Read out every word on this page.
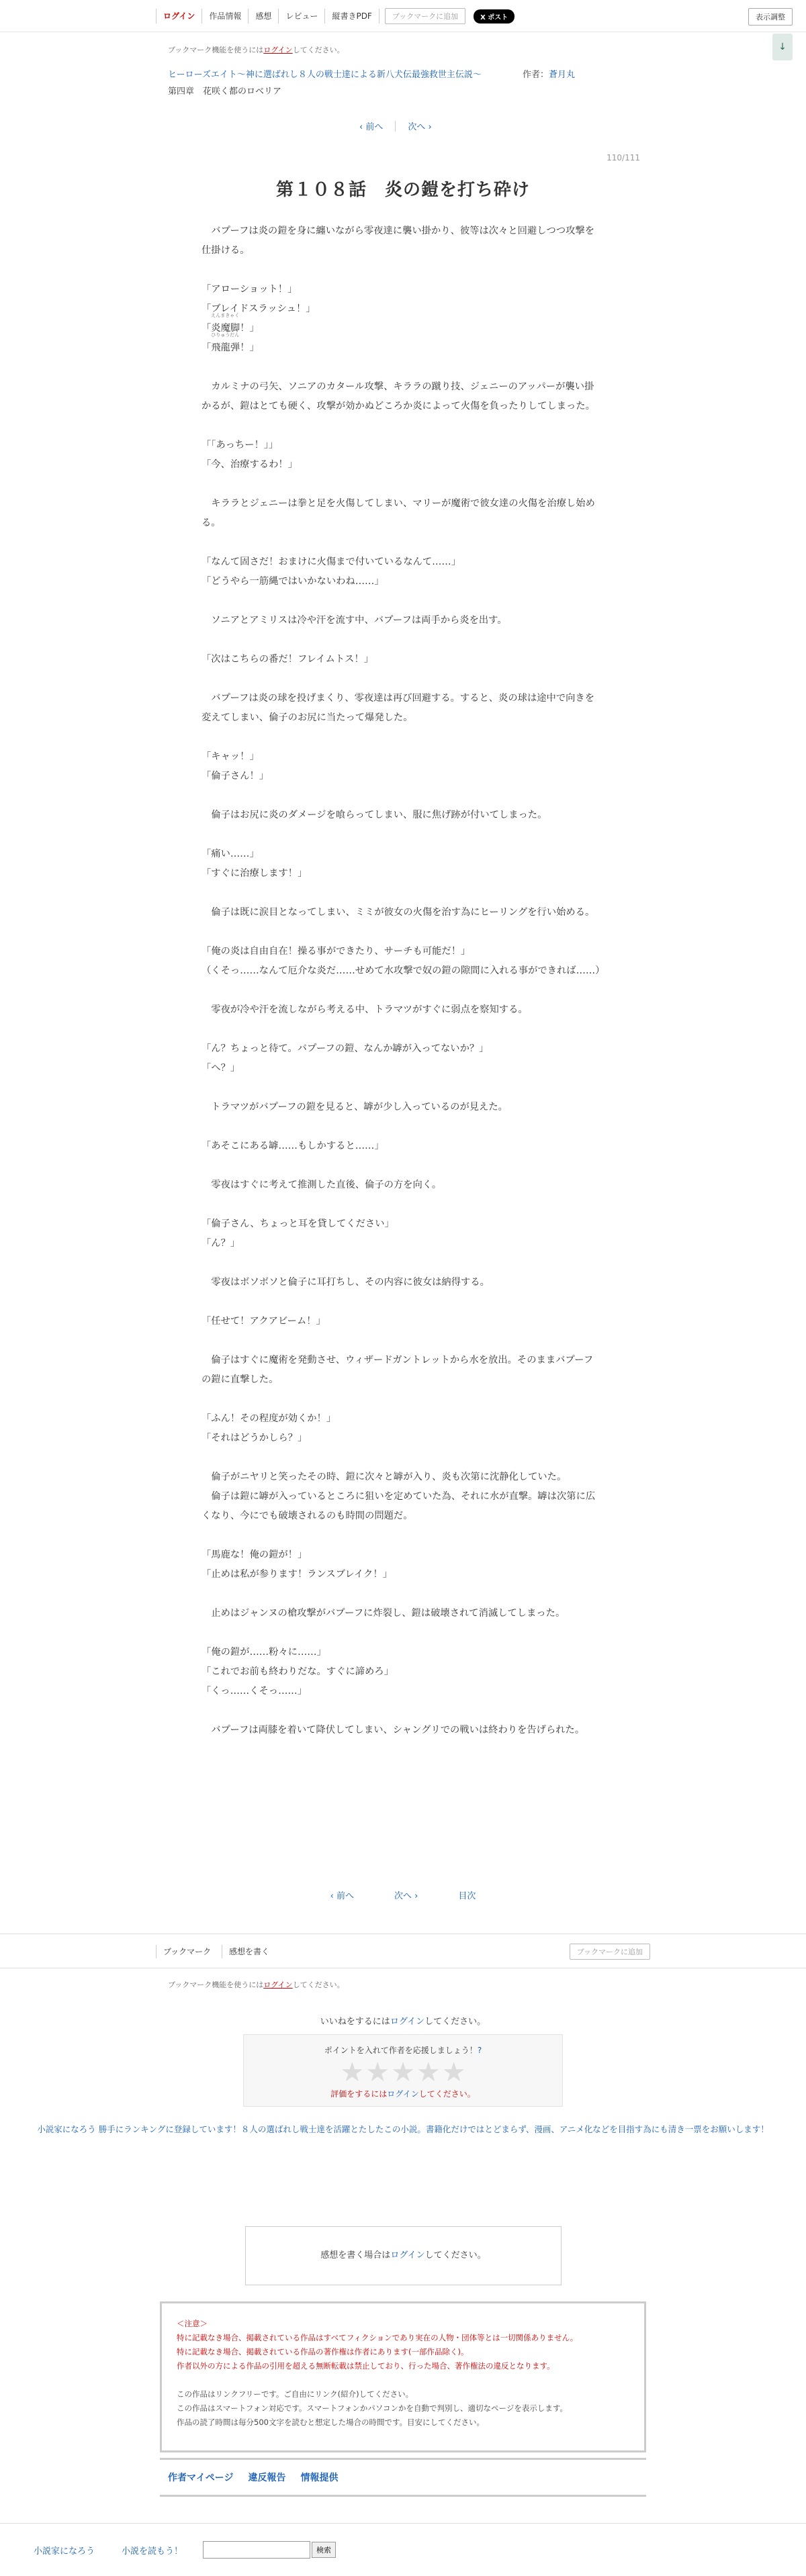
ログイン	作品情報	感想	レビュー	縦書きPDF	ブックマークに追加	X ポスト	表示調整
ブックマーク機能を使うにはログインしてください。	↓
ヒーローズエイト〜神に選ばれし８人の戦士達による新八犬伝最強救世主伝説〜	作者：蒼月丸
第四章　花咲く都のロベリア
‹ 前へ	次へ ›
110/111
第１０８話　炎の鎧を打ち砕け

　バプーフは炎の鎧を身に纏いながら零夜達に襲い掛かり、彼等は次々と回避しつつ攻撃を仕掛ける。

「アローショット！」

「ブレイドスラッシュ！」

「炎魔脚
えんまきゃく
！」

「飛龍弾
ひりゅうだん
！」

　カルミナの弓矢、ソニアのカタール攻撃、キララの蹴り技、ジェニーのアッパーが襲い掛かるが、鎧はとても硬く、攻撃が効かぬどころか炎によって火傷を負ったりしてしまった。

「「あっちー！」」

「今、治療するわ！」

　キララとジェニーは拳と足を火傷してしまい、マリーが魔術で彼女達の火傷を治療し始める。

「なんて固さだ！おまけに火傷まで付いているなんて……」

「どうやら一筋縄ではいかないわね……」

　ソニアとアミリスは冷や汗を流す中、バプーフは両手から炎を出す。

「次はこちらの番だ！フレイムトス！」

　バプーフは炎の球を投げまくり、零夜達は再び回避する。すると、炎の球は途中で向きを変えてしまい、倫子のお尻に当たって爆発した。

「キャッ！」

「倫子さん！」

　倫子はお尻に炎のダメージを喰らってしまい、服に焦げ跡が付いてしまった。

「痛い……」

「すぐに治療します！」

　倫子は既に涙目となってしまい、ミミが彼女の火傷を治す為にヒーリングを行い始める。

「俺の炎は自由自在！操る事ができたり、サーチも可能だ！」

（くそっ……なんて厄介な炎だ……せめて水攻撃で奴の鎧の隙間に入れる事ができれば……）

　零夜が冷や汗を流しながら考える中、トラマツがすぐに弱点を察知する。

「ん？ちょっと待て。バプーフの鎧、なんか罅が入ってないか？」

「へ？」

　トラマツがバプーフの鎧を見ると、罅が少し入っているのが見えた。

「あそこにある罅……もしかすると……」

　零夜はすぐに考えて推測した直後、倫子の方を向く。

「倫子さん、ちょっと耳を貸してください」

「ん？」

　零夜はボソボソと倫子に耳打ちし、その内容に彼女は納得する。

「任せて！アクアビーム！」

　倫子はすぐに魔術を発動させ、ウィザードガントレットから水を放出。そのままバプーフの鎧に直撃した。

「ふん！その程度が効くか！」

「それはどうかしら？」

　倫子がニヤリと笑ったその時、鎧に次々と罅が入り、炎も次第に沈静化していた。

　倫子は鎧に罅が入っているところに狙いを定めていた為、それに水が直撃。罅は次第に広くなり、今にでも破壊されるのも時間の問題だ。

「馬鹿な！俺の鎧が！」

「止めは私が参ります！ランスブレイク！」

　止めはジャンヌの槍攻撃がバプーフに炸裂し、鎧は破壊されて消滅してしまった。

「俺の鎧が……粉々に……」

「これでお前も終わりだな。すぐに諦めろ」

「くっ……くそっ……」

　バプーフは両膝を着いて降伏してしまい、シャングリでの戦いは終わりを告げられた。

‹ 前へ	次へ ›	目次
ブックマーク	感想を書く	ブックマークに追加
ブックマーク機能を使うにはログインしてください。
いいねをするにはログインしてください。
ポイントを入れて作者を応援しましょう！?
★ ★ ★ ★ ★
評価をするにはログインしてください。
小説家になろう 勝手にランキングに登録しています！８人の選ばれし戦士達を活躍とたしたこの小説。書籍化だけではとどまらず、漫画、アニメ化などを目指す為にも清き一票をお願いします！
感想を書く場合はログインしてください。
＜注意＞
特に記載なき場合、掲載されている作品はすべてフィクションであり実在の人物・団体等とは一切関係ありません。
特に記載なき場合、掲載されている作品の著作権は作者にあります(一部作品除く)。
作者以外の方による作品の引用を超える無断転載は禁止しており、行った場合、著作権法の違反となります。
この作品はリンクフリーです。ご自由にリンク(紹介)してください。
この作品はスマートフォン対応です。スマートフォンかパソコンかを自動で判別し、適切なページを表示します。
作品の読了時間は毎分500文字を読むと想定した場合の時間です。目安にしてください。
作者マイページ 違反報告 情報提供
小説家になろう	小説を読もう！	検索
